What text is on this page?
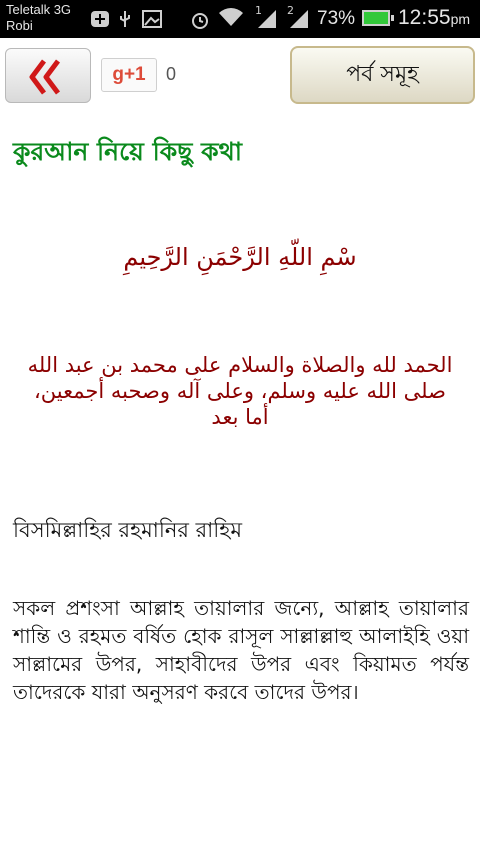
Teletalk 3G
Robi
1 2 73% 12:55pm
g+1	0	পর্ব সমূহ
কুরআন নিয়ে কিছু কথা
سْمِ اللّهِ الرَّحْمَنِ الرَّحِيمِ
الحمد لله والصلاة والسلام على محمد بن عبد الله صلى الله عليه وسلم، وعلى آله وصحبه أجمعين، أما بعد
বিসমিল্লাহির রহমানির রাহিম
সকল প্রশংসা আল্লাহ তায়ালার জন্যে, আল্লাহ তায়ালার শান্তি ও রহমত বর্ষিত হোক রাসূল সাল্লাল্লাহু আলাইহি ওয়া সাল্লামের উপর, সাহাবীদের উপর এবং কিয়ামত পর্যন্ত তাদেরকে যারা অনুসরণ করবে তাদের উপর।
